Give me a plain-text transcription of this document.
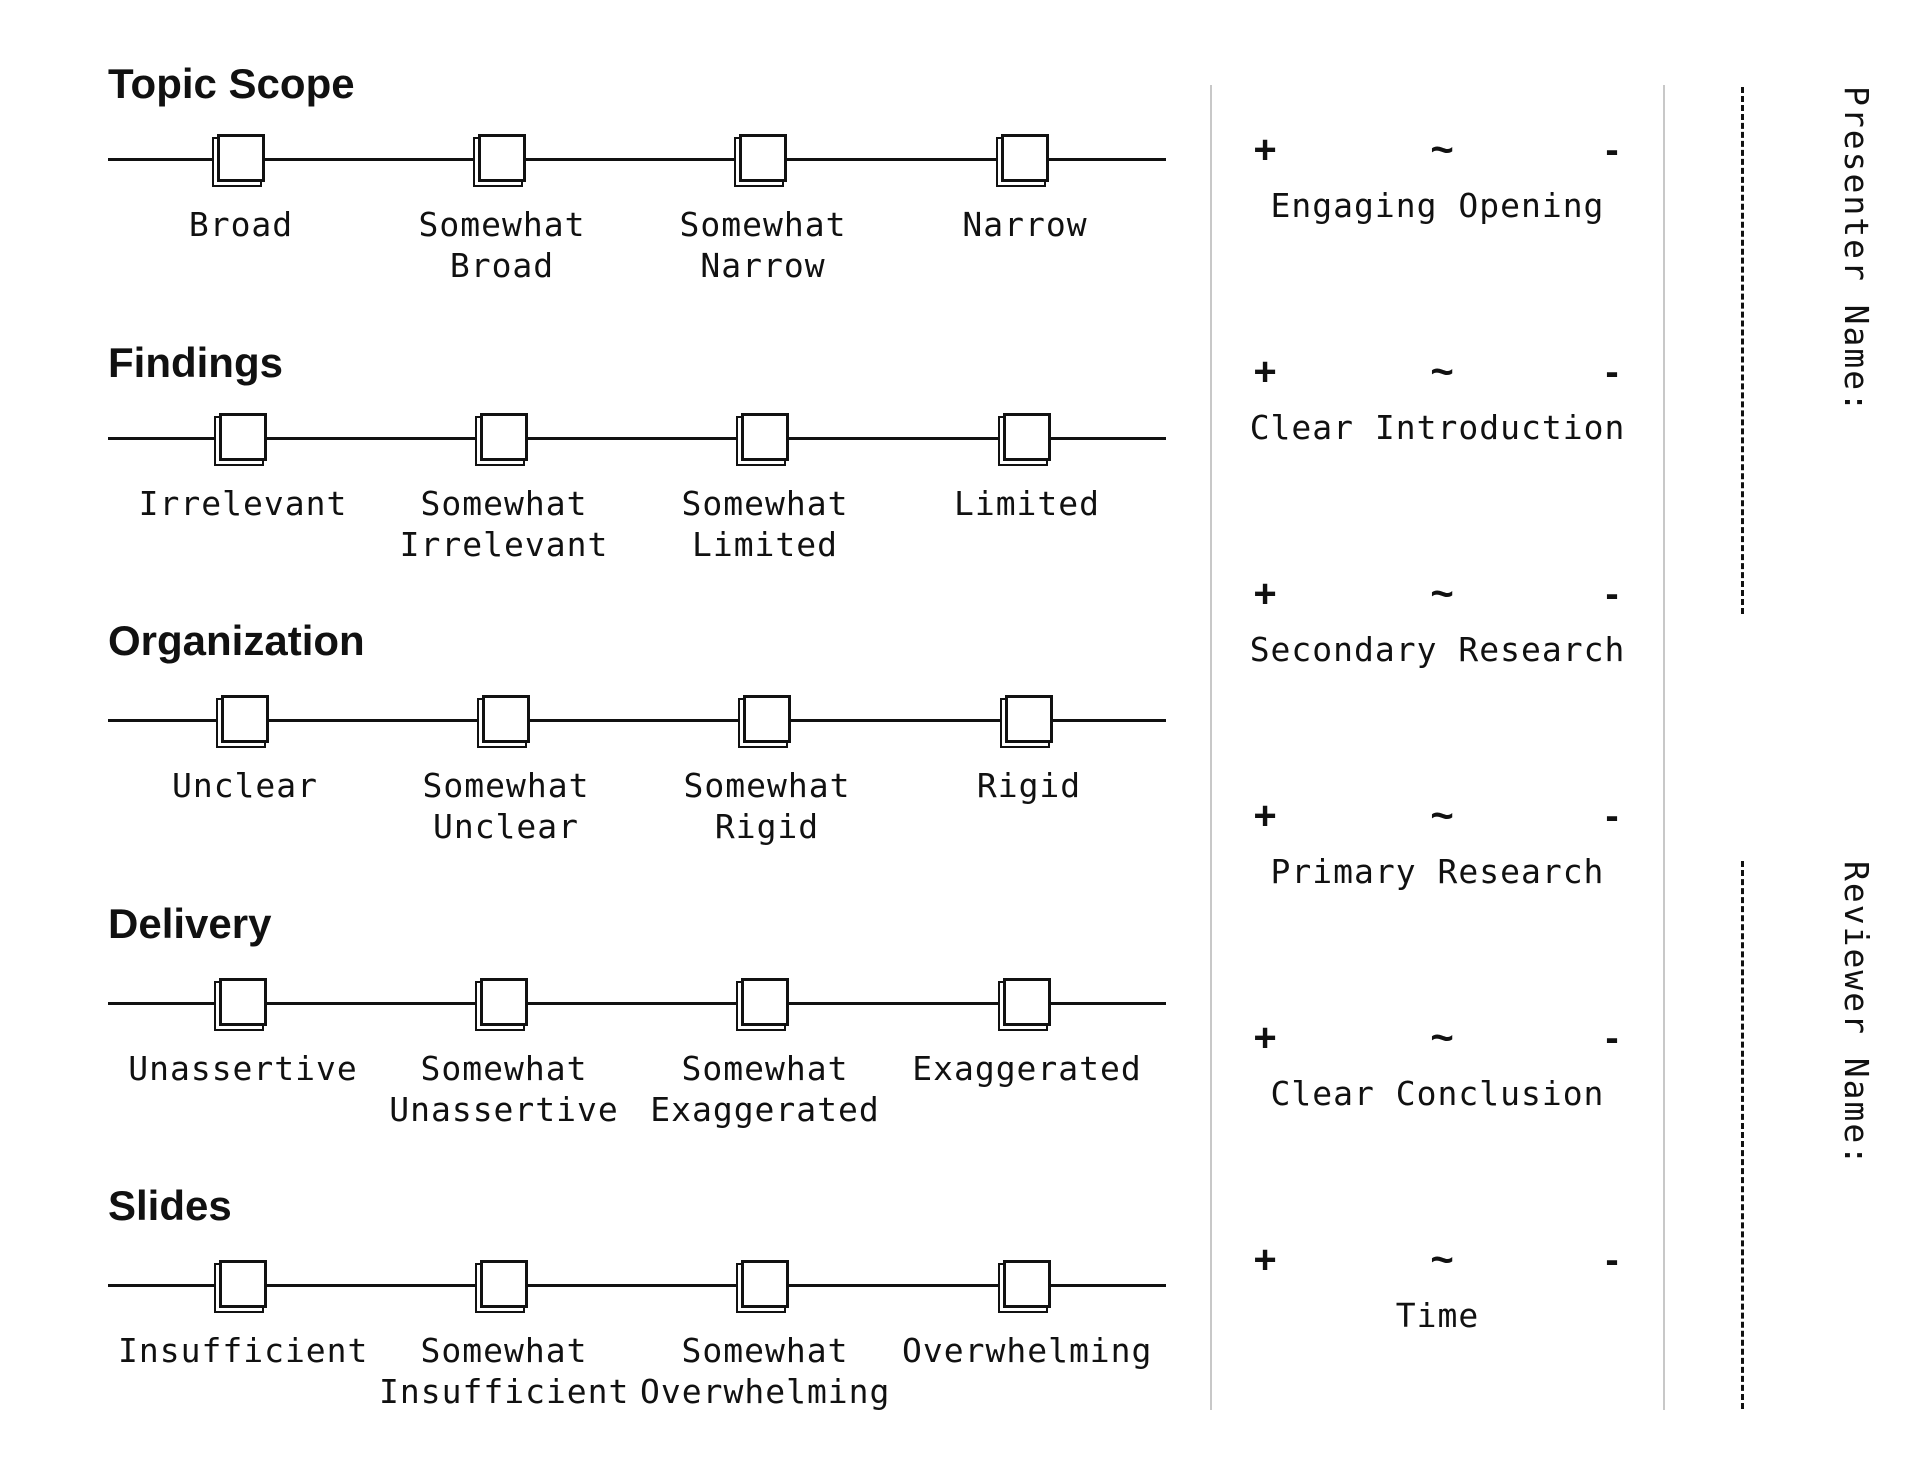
Topic Scope
Broad	Somewhat
Broad
Somewhat
Narrow
Narrow
Findings
Irrelevant	Somewhat
Irrelevant
Somewhat
Limited
Limited
Organization
Unclear	Somewhat
Unclear
Somewhat
Rigid
Rigid
Delivery
Unassertive	Somewhat
Unassertive
Somewhat
Exaggerated
Exaggerated
Slides
Insufficient	Somewhat
Insufficient
Somewhat
Overwhelming
Overwhelming
+	~	-
Engaging Opening
+	~	-
Clear Introduction
+	~	-
Secondary Research
+	~	-
Primary Research
+	~	-
Clear Conclusion
+	~	-
Time
Presenter Name:
Reviewer Name:
